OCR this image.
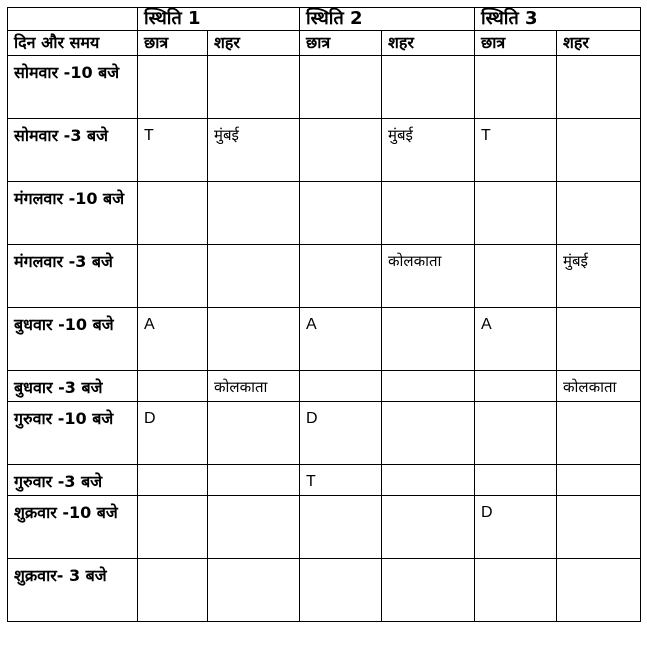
	स्थिति 1		स्थिति 2		स्थिति 3	
दिन और समय	छात्र	शहर	छात्र	शहर	छात्र	शहर
सोमवार -10 बजे						
सोमवार -3 बजे	T	मुंबई		मुंबई	T	
मंगलवार -10 बजे						
मंगलवार -3 बजे				कोलकाता		मुंबई
बुधवार -10 बजे	A		A		A	
बुधवार -3 बजे		कोलकाता				कोलकाता
गुरुवार -10 बजे	D		D			
गुरुवार -3 बजे			T			
शुक्रवार -10 बजे					D	
शुक्रवार- 3 बजे						
